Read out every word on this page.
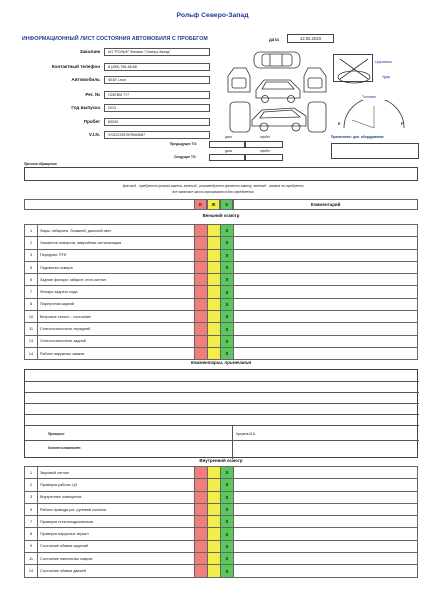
Рольф Северо-Запад
ИНФОРМАЦИОННЫЙ ЛИСТ СОСТОЯНИЯ АВТОМОБИЛЯ С ПРОБЕГОМ	дата	12.02.2023
Заказчик	АО "РОЛЬФ" Филиал "Северо-Запад"
Контактный телефон	8 (495) 786-68-88
Автомобиль	SEAT Leon
Рег. №	О287ВМ 777
Год выпуска	2013
Пробег	65039
V.I.N.	VSSZZZ5FZER069687
Царапина
Удар
Топливо
E	F
Примечание / доп. оборудование
дата	пробег
Предыдущее ТО:
дата	пробег
Следущее ТО:
Причина обращения
Красный - требуется срочная замена, желтый - рекомендуется провести замену, зеленый - замена не требуется
все запасные части принимаются для определения
К	Ж	З	Комментарий
Внешний осмотр
1	Фары: габариты, ближний, дальний свет			X	
2	Указатели поворота, аварийная сигнализация			X	
3	Передние ПТФ			X	
5	Подсветка номера			X	
6	Задние фонари: габарит, стоп-сигнал			X	
7	Фонари заднего хода			X	
8	Парктроник задний			X	
10	Ветровое стекло - состояние			X	
11	Стеклоочиститель передний			X	
13	Стеклоочиститель задний			X	
14	Работа наружных замков			X	
Комментарии, примечания
Проверил:	Кулумов М.А.
Клиент ознакомлен:
Внутренний осмотр
1	Звуковой сигнал			X	
2	Проверка работы ЦЗ			X	
3	Внутреннее освещение			X	
5	Работа привода рег. рулевой колонки			X	
7	Проверка стеклоподъемников			X	
8	Проверка наружных зеркал			X	
9	Состояние обивки сидений			X	
11	Состояние напольных ковров			X	
14	Состояние обивки дверей			X	
